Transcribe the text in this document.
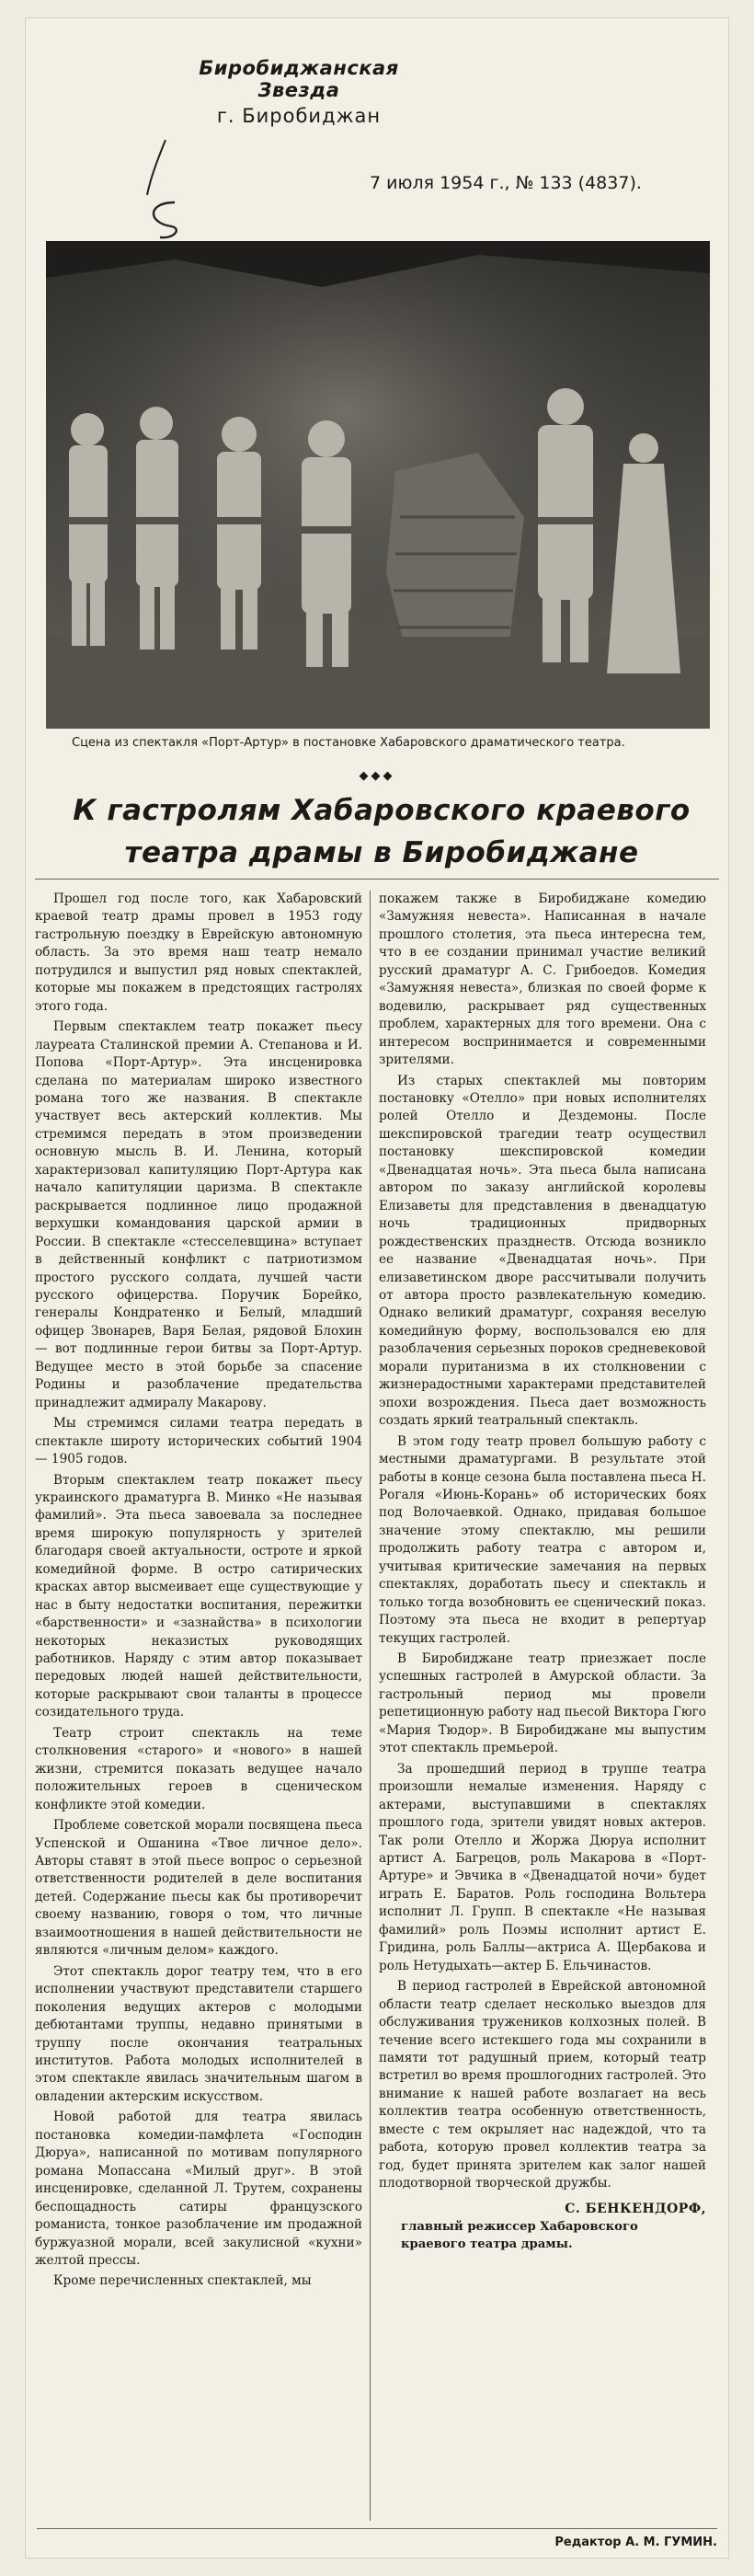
Биробиджанская Звезда
г. Биробиджан
7 июля 1954 г., № 133 (4837).
Сцена из спектакля «Порт-Артур» в постановке Хабаровского драматического театра.
◆◆◆
К гастролям Хабаровского краевого театра драмы в Биробиджане

Прошел год после того, как Хабаровский краевой театр драмы провел в 1953 году гастрольную поездку в Еврейскую автономную область. За это время наш театр немало потрудился и выпустил ряд новых спектаклей, которые мы покажем в предстоящих гастролях этого года.

Первым спектаклем театр покажет пьесу лауреата Сталинской премии А. Степанова и И. Попова «Порт-Артур». Эта инсценировка сделана по материалам широко известного романа того же названия. В спектакле участвует весь актерский коллектив. Мы стремимся передать в этом произведении основную мысль В. И. Ленина, который характеризовал капитуляцию Порт-Артура как начало капитуляции царизма. В спектакле раскрывается подлинное лицо продажной верхушки командования царской армии в России. В спектакле «стесселевщина» вступает в действенный конфликт с патриотизмом простого русского солдата, лучшей части русского офицерства. Поручик Борейко, генералы Кондратенко и Белый, младший офицер Звонарев, Варя Белая, рядовой Блохин — вот подлинные герои битвы за Порт-Артур. Ведущее место в этой борьбе за спасение Родины и разоблачение предательства принадлежит адмиралу Макарову.

Мы стремимся силами театра передать в спектакле широту исторических событий 1904 — 1905 годов.

Вторым спектаклем театр покажет пьесу украинского драматурга В. Минко «Не называя фамилий». Эта пьеса завоевала за последнее время широкую популярность у зрителей благодаря своей актуальности, остроте и яркой комедийной форме. В остро сатирических красках автор высмеивает еще существующие у нас в быту недостатки воспитания, пережитки «барственности» и «зазнайства» в психологии некоторых неказистых руководящих работников. Наряду с этим автор показывает передовых людей нашей действительности, которые раскрывают свои таланты в процессе созидательного труда.

Театр строит спектакль на теме столкновения «старого» и «нового» в нашей жизни, стремится показать ведущее начало положительных героев в сценическом конфликте этой комедии.

Проблеме советской морали посвящена пьеса Успенской и Ошанина «Твое личное дело». Авторы ставят в этой пьесе вопрос о серьезной ответственности родителей в деле воспитания детей. Содержание пьесы как бы противоречит своему названию, говоря о том, что личные взаимоотношения в нашей действительности не являются «личным делом» каждого.

Этот спектакль дорог театру тем, что в его исполнении участвуют представители старшего поколения ведущих актеров с молодыми дебютантами труппы, недавно принятыми в труппу после окончания театральных институтов. Работа молодых исполнителей в этом спектакле явилась значительным шагом в овладении актерским искусством.

Новой работой для театра явилась постановка комедии-памфлета «Господин Дюруа», написанной по мотивам популярного романа Мопассана «Милый друг». В этой инсценировке, сделанной Л. Трутем, сохранены беспощадность сатиры французского романиста, тонкое разоблачение им продажной буржуазной морали, всей закулисной «кухни» желтой прессы.

Кроме перечисленных спектаклей, мы

покажем также в Биробиджане комедию «Замужняя невеста». Написанная в начале прошлого столетия, эта пьеса интересна тем, что в ее создании принимал участие великий русский драматург А. С. Грибоедов. Комедия «Замужняя невеста», близкая по своей форме к водевилю, раскрывает ряд существенных проблем, характерных для того времени. Она с интересом воспринимается и современными зрителями.

Из старых спектаклей мы повторим постановку «Отелло» при новых исполнителях ролей Отелло и Дездемоны. После шекспировской трагедии театр осуществил постановку шекспировской комедии «Двенадцатая ночь». Эта пьеса была написана автором по заказу английской королевы Елизаветы для представления в двенадцатую ночь традиционных придворных рождественских празднеств. Отсюда возникло ее название «Двенадцатая ночь». При елизаветинском дворе рассчитывали получить от автора просто развлекательную комедию. Однако великий драматург, сохраняя веселую комедийную форму, воспользовался ею для разоблачения серьезных пороков средневековой морали пуританизма в их столкновении с жизнерадостными характерами представителей эпохи возрождения. Пьеса дает возможность создать яркий театральный спектакль.

В этом году театр провел большую работу с местными драматургами. В результате этой работы в конце сезона была поставлена пьеса Н. Рогаля «Июнь-Корань» об исторических боях под Волочаевкой. Однако, придавая большое значение этому спектаклю, мы решили продолжить работу театра с автором и, учитывая критические замечания на первых спектаклях, доработать пьесу и спектакль и только тогда возобновить ее сценический показ. Поэтому эта пьеса не входит в репертуар текущих гастролей.

В Биробиджане театр приезжает после успешных гастролей в Амурской области. За гастрольный период мы провели репетиционную работу над пьесой Виктора Гюго «Мария Тюдор». В Биробиджане мы выпустим этот спектакль премьерой.

За прошедший период в труппе театра произошли немалые изменения. Наряду с актерами, выступавшими в спектаклях прошлого года, зрители увидят новых актеров. Так роли Отелло и Жоржа Дюруа исполнит артист А. Багрецов, роль Макарова в «Порт-Артуре» и Эвчика в «Двенадцатой ночи» будет играть Е. Баратов. Роль господина Вольтера исполнит Л. Групп. В спектакле «Не называя фамилий» роль Поэмы исполнит артист Е. Гридина, роль Баллы—актриса А. Щербакова и роль Нетудыхать—актер Б. Ельчинастов.

В период гастролей в Еврейской автономной области театр сделает несколько выездов для обслуживания тружеников колхозных полей. В течение всего истекшего года мы сохранили в памяти тот радушный прием, который театр встретил во время прошлогодних гастролей. Это внимание к нашей работе возлагает на весь коллектив театра особенную ответственность, вместе с тем окрыляет нас надеждой, что та работа, которую провел коллектив театра за год, будет принята зрителем как залог нашей плодотворной творческой дружбы.

С. БЕНКЕНДОРФ,
главный режиссер Хабаровского краевого театра драмы.
Редактор А. М. ГУМИН.
